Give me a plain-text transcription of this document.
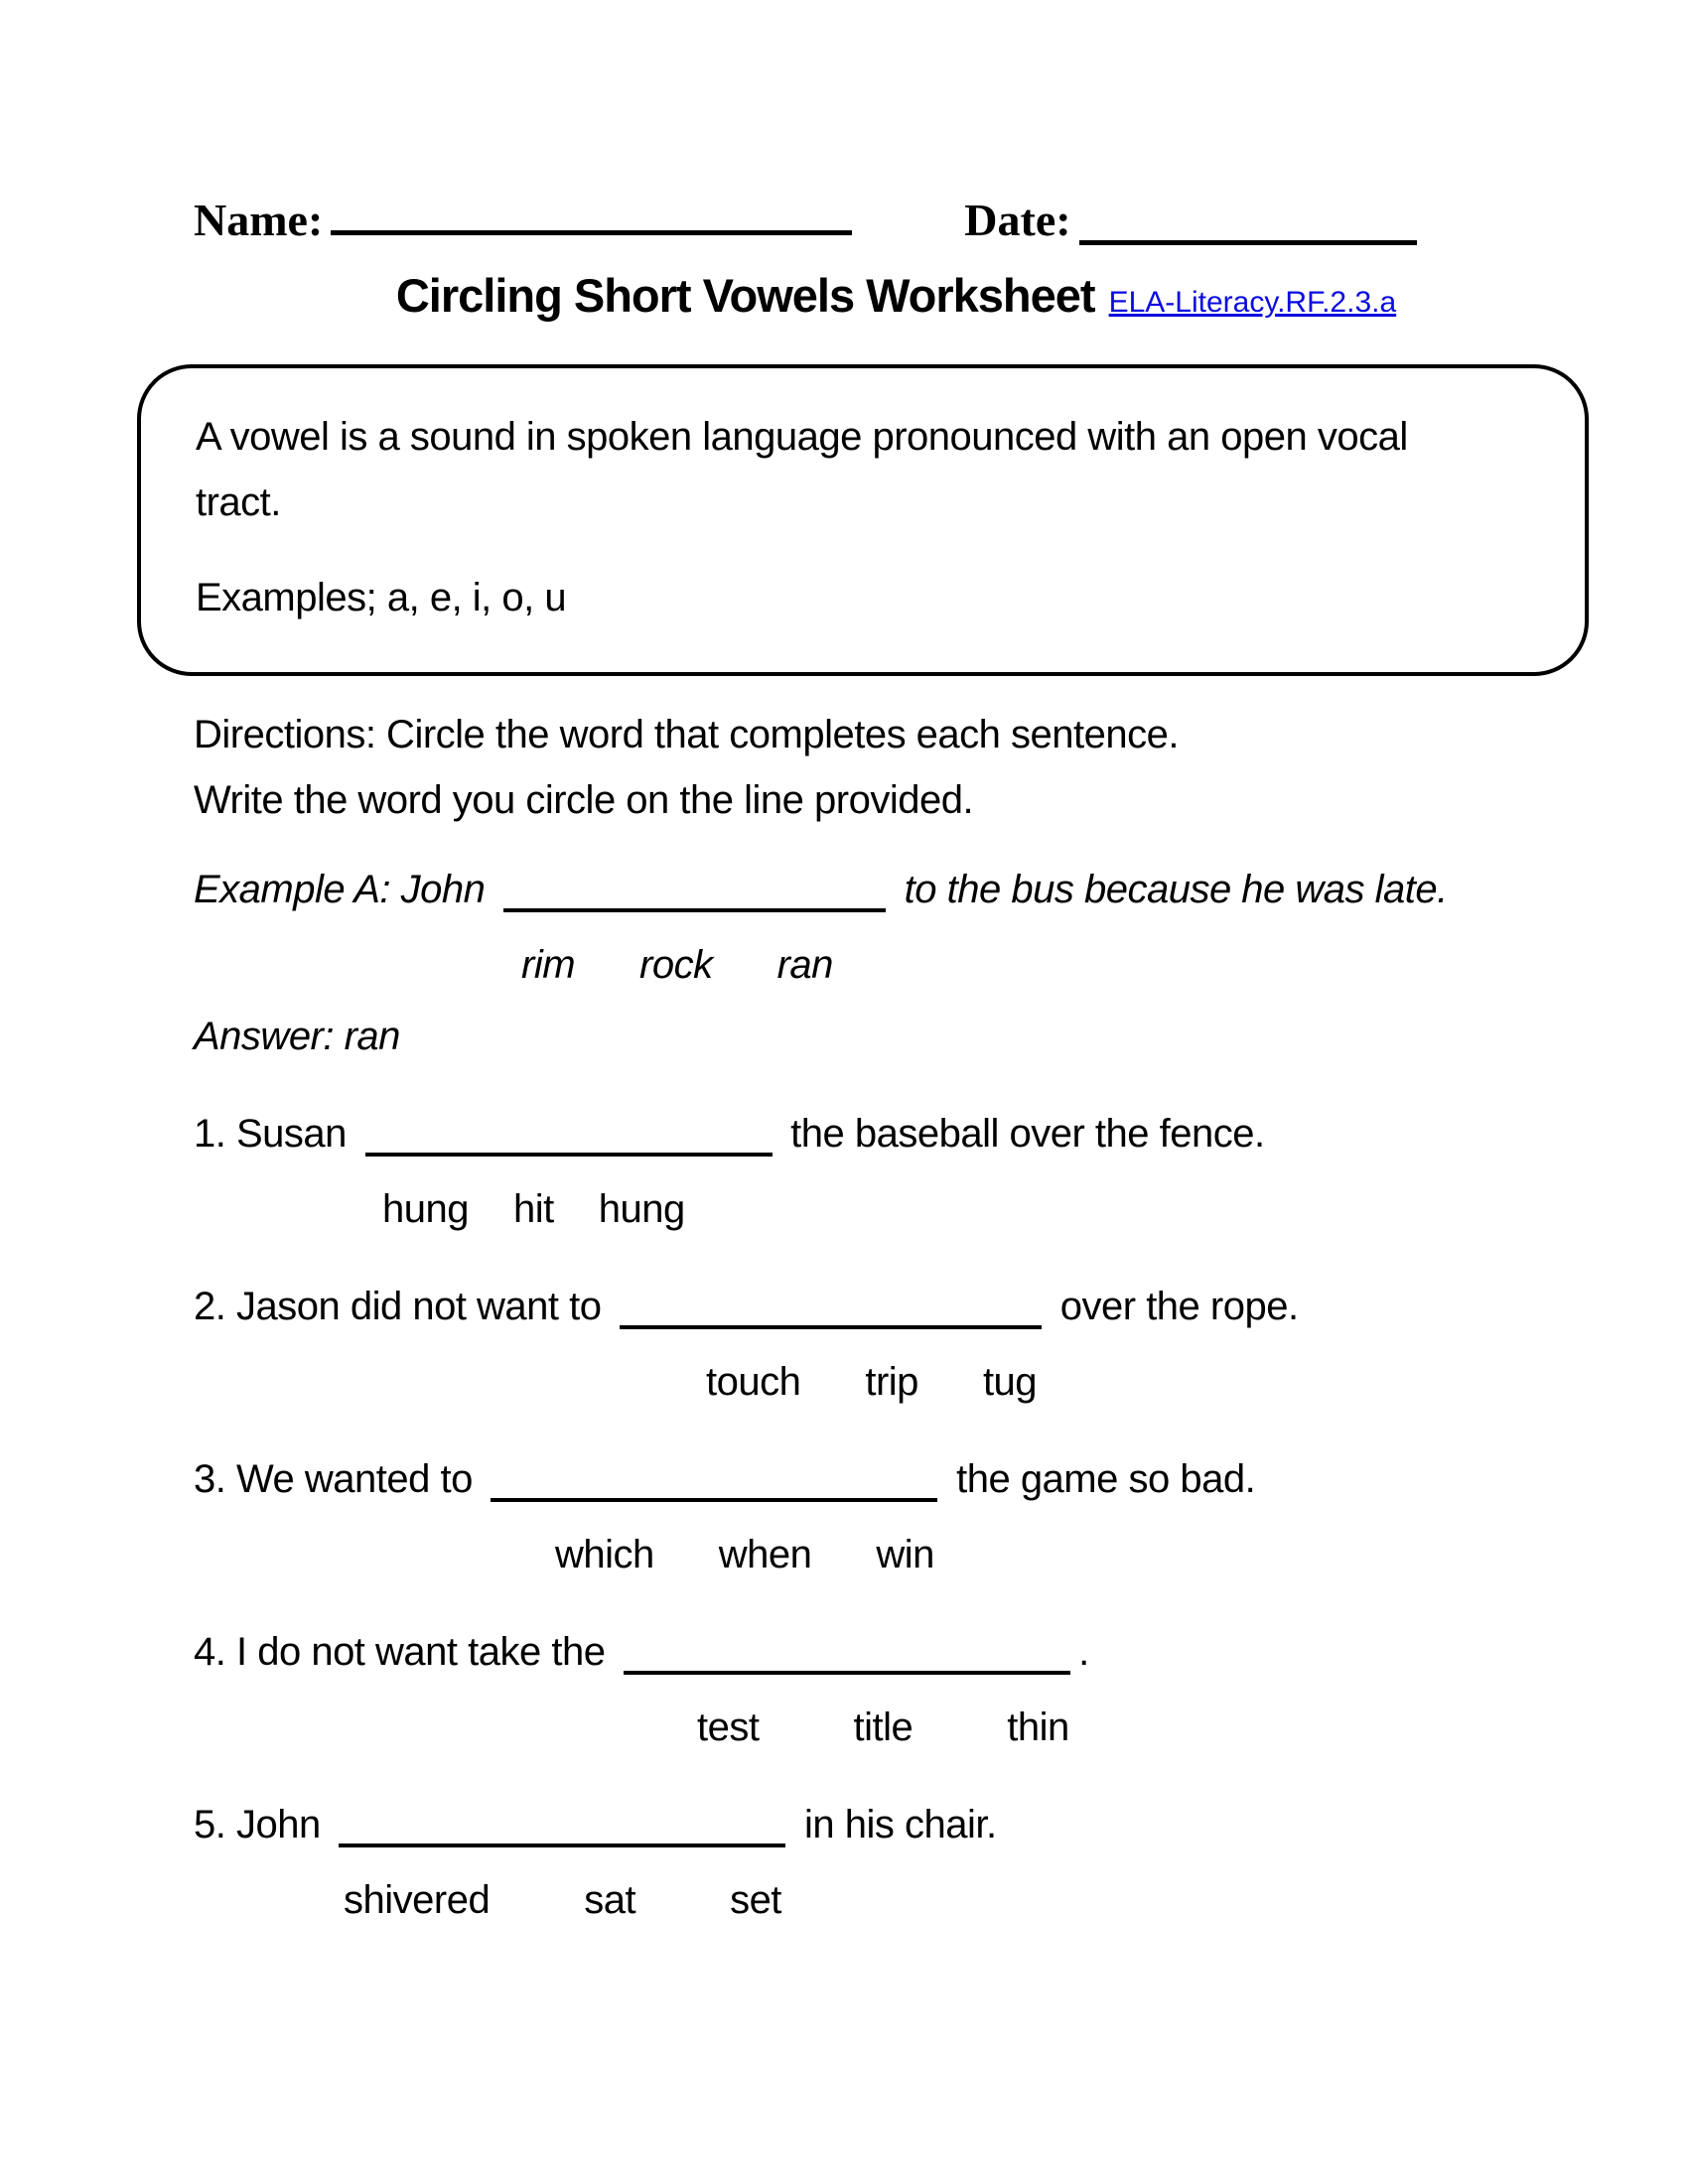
Name:	Date:
Circling Short Vowels Worksheet ELA-Literacy.RF.2.3.a

A vowel is a sound in spoken language pronounced with an open vocal tract.

Examples; a, e, i, o, u

Directions: Circle the word that completes each sentence.
Write the word you circle on the line provided.
Example A: John	to the bus because he was late.
rim rock ran
Answer: ran
1. Susan	the baseball over the fence.
hung hit hung
2. Jason did not want to	over the rope.
touch trip tug
3. We wanted to	the game so bad.
which when win
4. I do not want take the	.
test title thin
5. John	in his chair.
shivered sat set
